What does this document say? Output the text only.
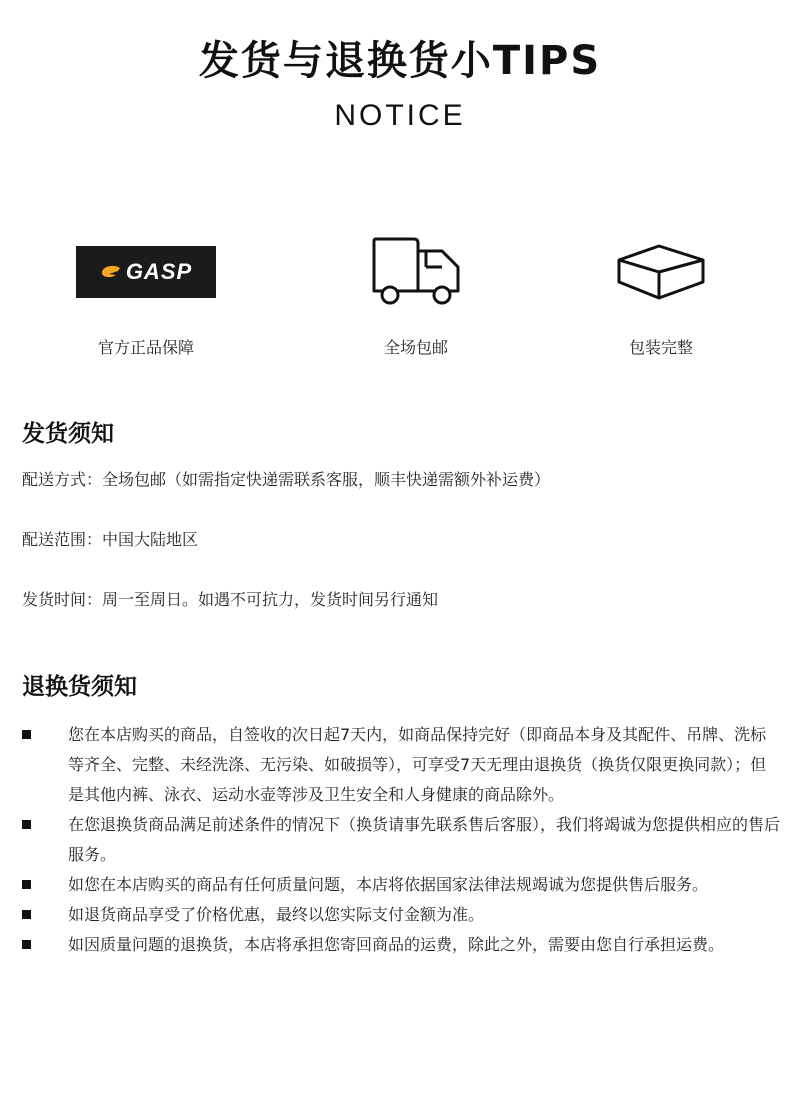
发货与退换货小TIPS
NOTICE
GASP
官方正品保障	全场包邮	包装完整
发货须知
配送方式：全场包邮（如需指定快递需联系客服，顺丰快递需额外补运费）
配送范围：中国大陆地区
发货时间：周一至周日。如遇不可抗力，发货时间另行通知
退换货须知
您在本店购买的商品，自签收的次日起7天内，如商品保持完好（即商品本身及其配件、吊牌、洗标等齐全、完整、未经洗涤、无污染、如破损等），可享受7天无理由退换货（换货仅限更换同款）；但是其他内裤、泳衣、运动水壶等涉及卫生安全和人身健康的商品除外。
在您退换货商品满足前述条件的情况下（换货请事先联系售后客服），我们将竭诚为您提供相应的售后服务。
如您在本店购买的商品有任何质量问题，本店将依据国家法律法规竭诚为您提供售后服务。
如退货商品享受了价格优惠，最终以您实际支付金额为准。
如因质量问题的退换货，本店将承担您寄回商品的运费，除此之外，需要由您自行承担运费。
